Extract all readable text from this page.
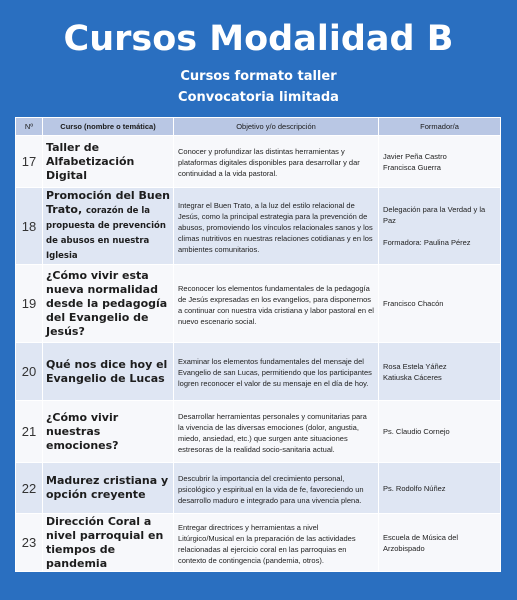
Cursos Modalidad B
Cursos formato taller
Convocatoria limitada
Nº	Curso (nombre o temática)	Objetivo y/o descripción	Formador/a
17	Taller de Alfabetización Digital	Conocer y profundizar las distintas herramientas y plataformas digitales disponibles para desarrollar y dar continuidad a la vida pastoral.	Javier Peña Castro
Francisca Guerra

18	Promoción del Buen Trato, corazón de la propuesta de prevención de abusos en nuestra Iglesia	Integrar el Buen Trato, a la luz del estilo relacional de Jesús, como la principal estrategia para la prevención de abusos, promoviendo los vínculos relacionales sanos y los climas nutritivos en nuestras relaciones cotidianas y en los ambientes comunitarios.	Delegación para la Verdad y la Paz
Formadora: Paulina Pérez

19	¿Cómo vivir esta nueva normalidad desde la pedagogía del Evangelio de Jesús?	Reconocer los elementos fundamentales de la pedagogía de Jesús expresadas en los evangelios, para disponernos a continuar con nuestra vida cristiana y labor pastoral en el nuevo escenario social.	Francisco Chacón

20	Qué nos dice hoy el Evangelio de Lucas	Examinar los elementos fundamentales del mensaje del Evangelio de san Lucas, permitiendo que los participantes logren reconocer el valor de su mensaje en el día de hoy.	Rosa Estela Yáñez
Katiuska Cáceres

21	¿Cómo vivir nuestras emociones?	Desarrollar herramientas personales y comunitarias para la vivencia de las diversas emociones (dolor, angustia, miedo, ansiedad, etc.) que surgen ante situaciones estresoras de la realidad socio-sanitaria actual.	Ps. Claudio Cornejo

22	Madurez cristiana y opción creyente	Descubrir la importancia del crecimiento personal, psicológico y espiritual en la vida de fe, favoreciendo un desarrollo maduro e integrado para una vivencia plena.	Ps. Rodolfo Núñez

23	Dirección Coral a nivel parroquial en tiempos de pandemia	Entregar directrices y herramientas a nivel Litúrgico/Musical en la preparación de las actividades relacionadas al ejercicio coral en las parroquias en contexto de contingencia (pandemia, otros).	Escuela de Música del Arzobispado
